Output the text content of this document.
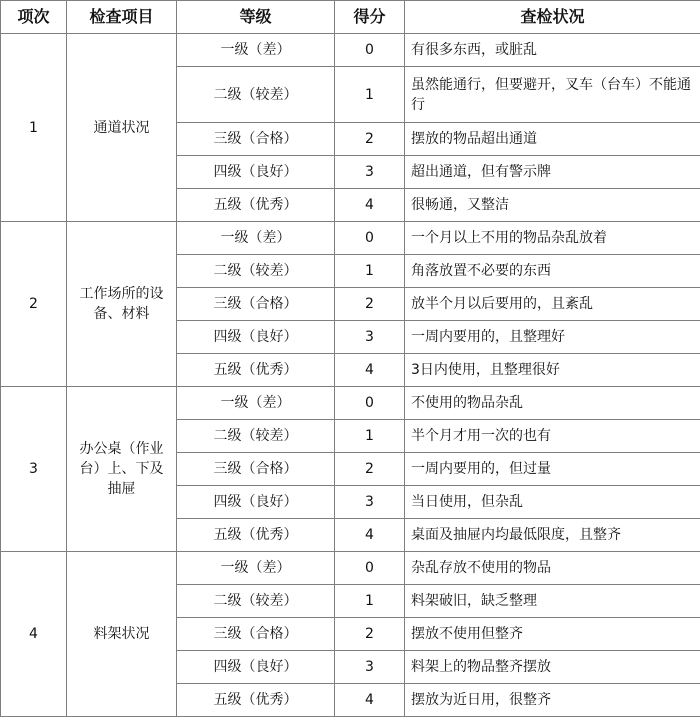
项次	检查项目	等级	得分	查检状况
1	通道状况	一级（差）	0	有很多东西，或脏乱
		二级（较差）	1	虽然能通行，但要避开，叉车（台车）不能通行
		三级（合格）	2	摆放的物品超出通道
		四级（良好）	3	超出通道，但有警示牌
		五级（优秀）	4	很畅通，又整洁
2	工作场所的设备、材料	一级（差）	0	一个月以上不用的物品杂乱放着
		二级（较差）	1	角落放置不必要的东西
		三级（合格）	2	放半个月以后要用的，且紊乱
		四级（良好）	3	一周内要用的，且整理好
		五级（优秀）	4	3日内使用，且整理很好
3	办公桌（作业台）上、下及抽屉	一级（差）	0	不使用的物品杂乱
		二级（较差）	1	半个月才用一次的也有
		三级（合格）	2	一周内要用的，但过量
		四级（良好）	3	当日使用，但杂乱
		五级（优秀）	4	桌面及抽屉内均最低限度，且整齐
4	料架状况	一级（差）	0	杂乱存放不使用的物品
		二级（较差）	1	料架破旧，缺乏整理
		三级（合格）	2	摆放不使用但整齐
		四级（良好）	3	料架上的物品整齐摆放
		五级（优秀）	4	摆放为近日用，很整齐
